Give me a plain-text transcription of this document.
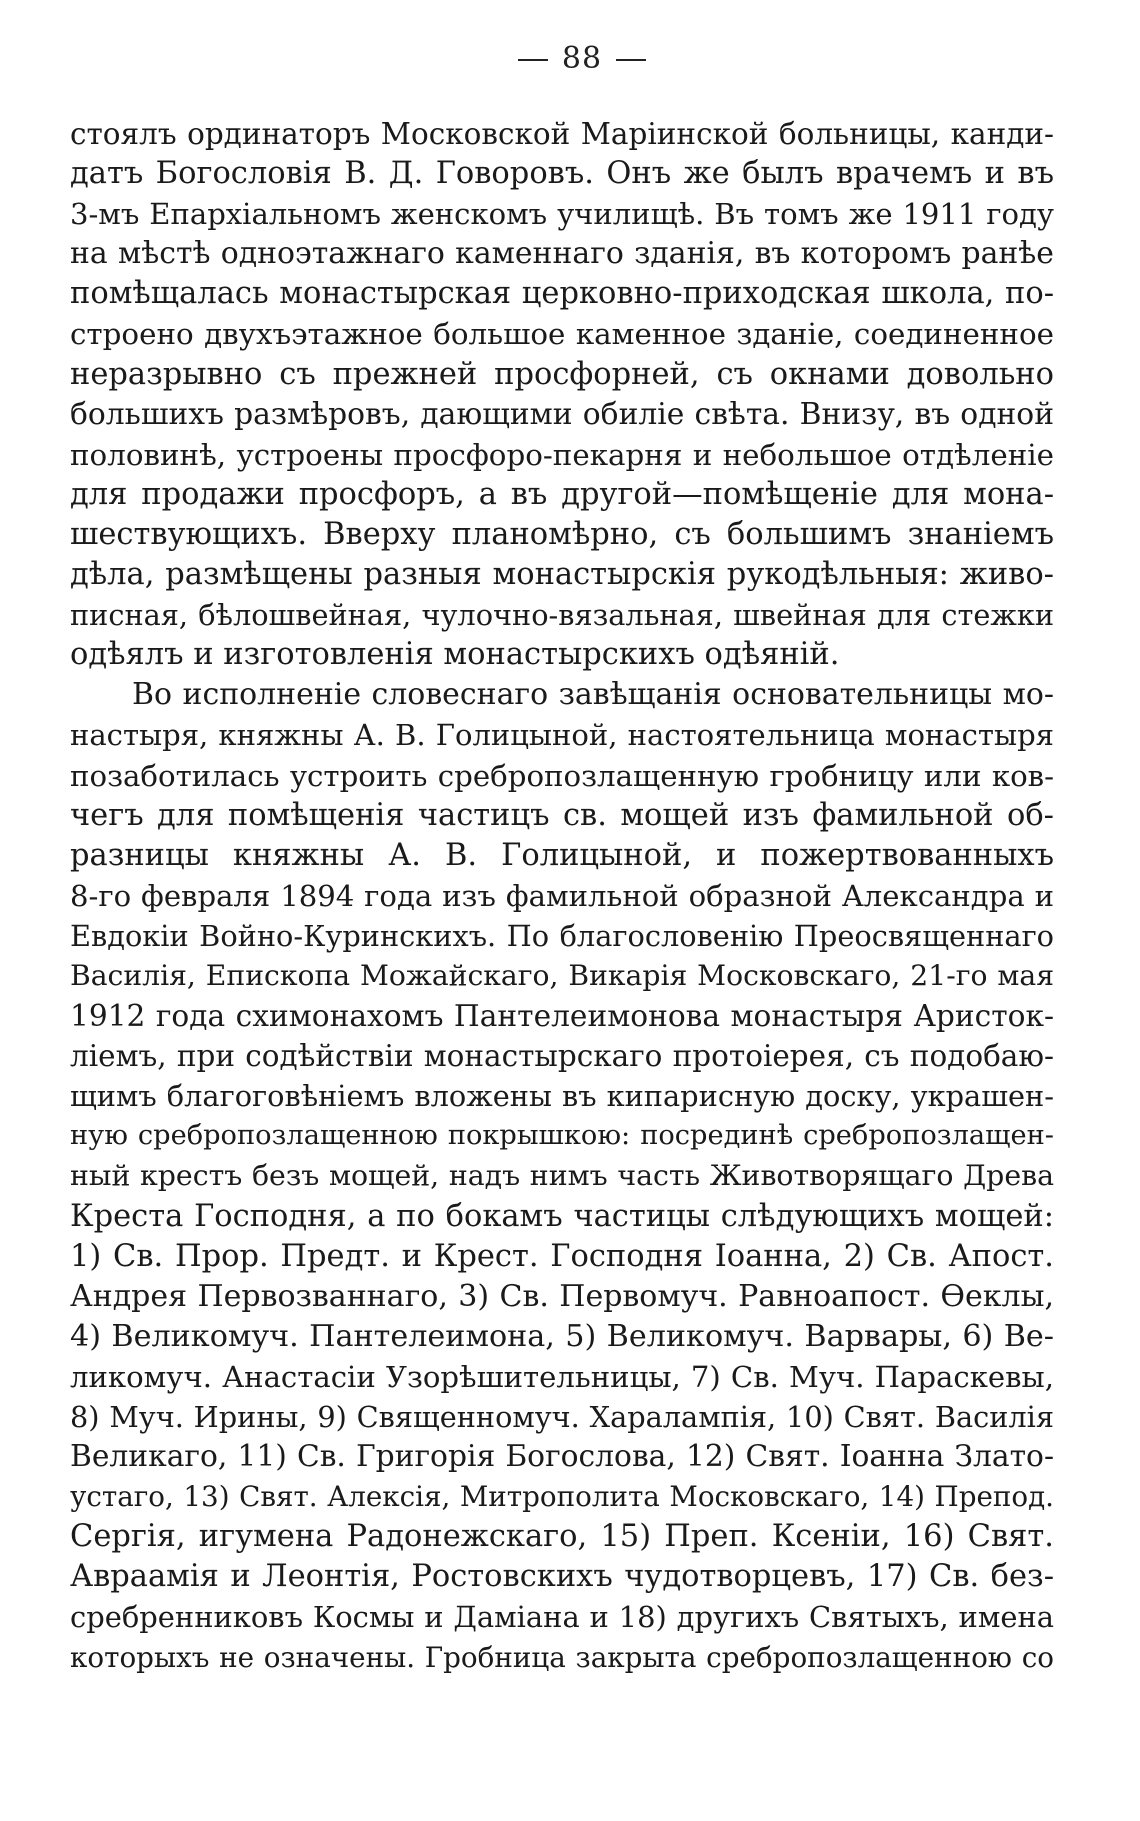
88
стоялъ ординаторъ Московской Маріинской больницы, канди-
датъ Богословія В. Д. Говоровъ. Онъ же былъ врачемъ и въ
3-мъ Епархіальномъ женскомъ училищѣ. Въ томъ же 1911 году
на мѣстѣ одноэтажнаго каменнаго зданія, въ которомъ ранѣе
помѣщалась монастырская церковно-приходская школа, по-
строено двухъэтажное большое каменное зданіе, соединенное
неразрывно съ прежней просфорней, съ окнами довольно
большихъ размѣровъ, дающими обиліе свѣта. Внизу, въ одной
половинѣ, устроены просфоро-пекарня и небольшое отдѣленіе
для продажи просфоръ, а въ другой—помѣщеніе для мона-
шествующихъ. Вверху планомѣрно, съ большимъ знаніемъ
дѣла, размѣщены разныя монастырскія рукодѣльныя: живо-
писная, бѣлошвейная, чулочно-вязальная, швейная для стежки
одѣялъ и изготовленія монастырскихъ одѣяній.
Во исполненіе словеснаго завѣщанія основательницы мо-
настыря, княжны А. В. Голицыной, настоятельница монастыря
позаботилась устроить сребропозлащенную гробницу или ков-
чегъ для помѣщенія частицъ св. мощей изъ фамильной об-
разницы княжны А. В. Голицыной, и пожертвованныхъ
8-го февраля 1894 года изъ фамильной образной Александра и
Евдокіи Войно-Куринскихъ. По благословенію Преосвященнаго
Василія, Епископа Можайскаго, Викарія Московскаго, 21-го мая
1912 года схимонахомъ Пантелеимонова монастыря Аристок-
ліемъ, при содѣйствіи монастырскаго протоіерея, съ подобаю-
щимъ благоговѣніемъ вложены въ кипарисную доску, украшен-
ную сребропозлащенною покрышкою: посрединѣ сребропозлащен-
ный крестъ безъ мощей, надъ нимъ часть Животворящаго Древа
Креста Господня, а по бокамъ частицы слѣдующихъ мощей:
1) Св. Прор. Предт. и Крест. Господня Іоанна, 2) Св. Апост.
Андрея Первозваннаго, 3) Св. Первомуч. Равноапост. Ѳеклы,
4) Великомуч. Пантелеимона, 5) Великомуч. Варвары, 6) Ве-
ликомуч. Анастасіи Узорѣшительницы, 7) Св. Муч. Параскевы,
8) Муч. Ирины, 9) Священномуч. Харалампія, 10) Свят. Василія
Великаго, 11) Св. Григорія Богослова, 12) Свят. Іоанна Злато-
устаго, 13) Свят. Алексія, Митрополита Московскаго, 14) Препод.
Сергія, игумена Радонежскаго, 15) Преп. Ксеніи, 16) Свят.
Авраамія и Леонтія, Ростовскихъ чудотворцевъ, 17) Св. без-
сребренниковъ Космы и Даміана и 18) другихъ Святыхъ, имена
которыхъ не означены. Гробница закрыта сребропозлащенною со
